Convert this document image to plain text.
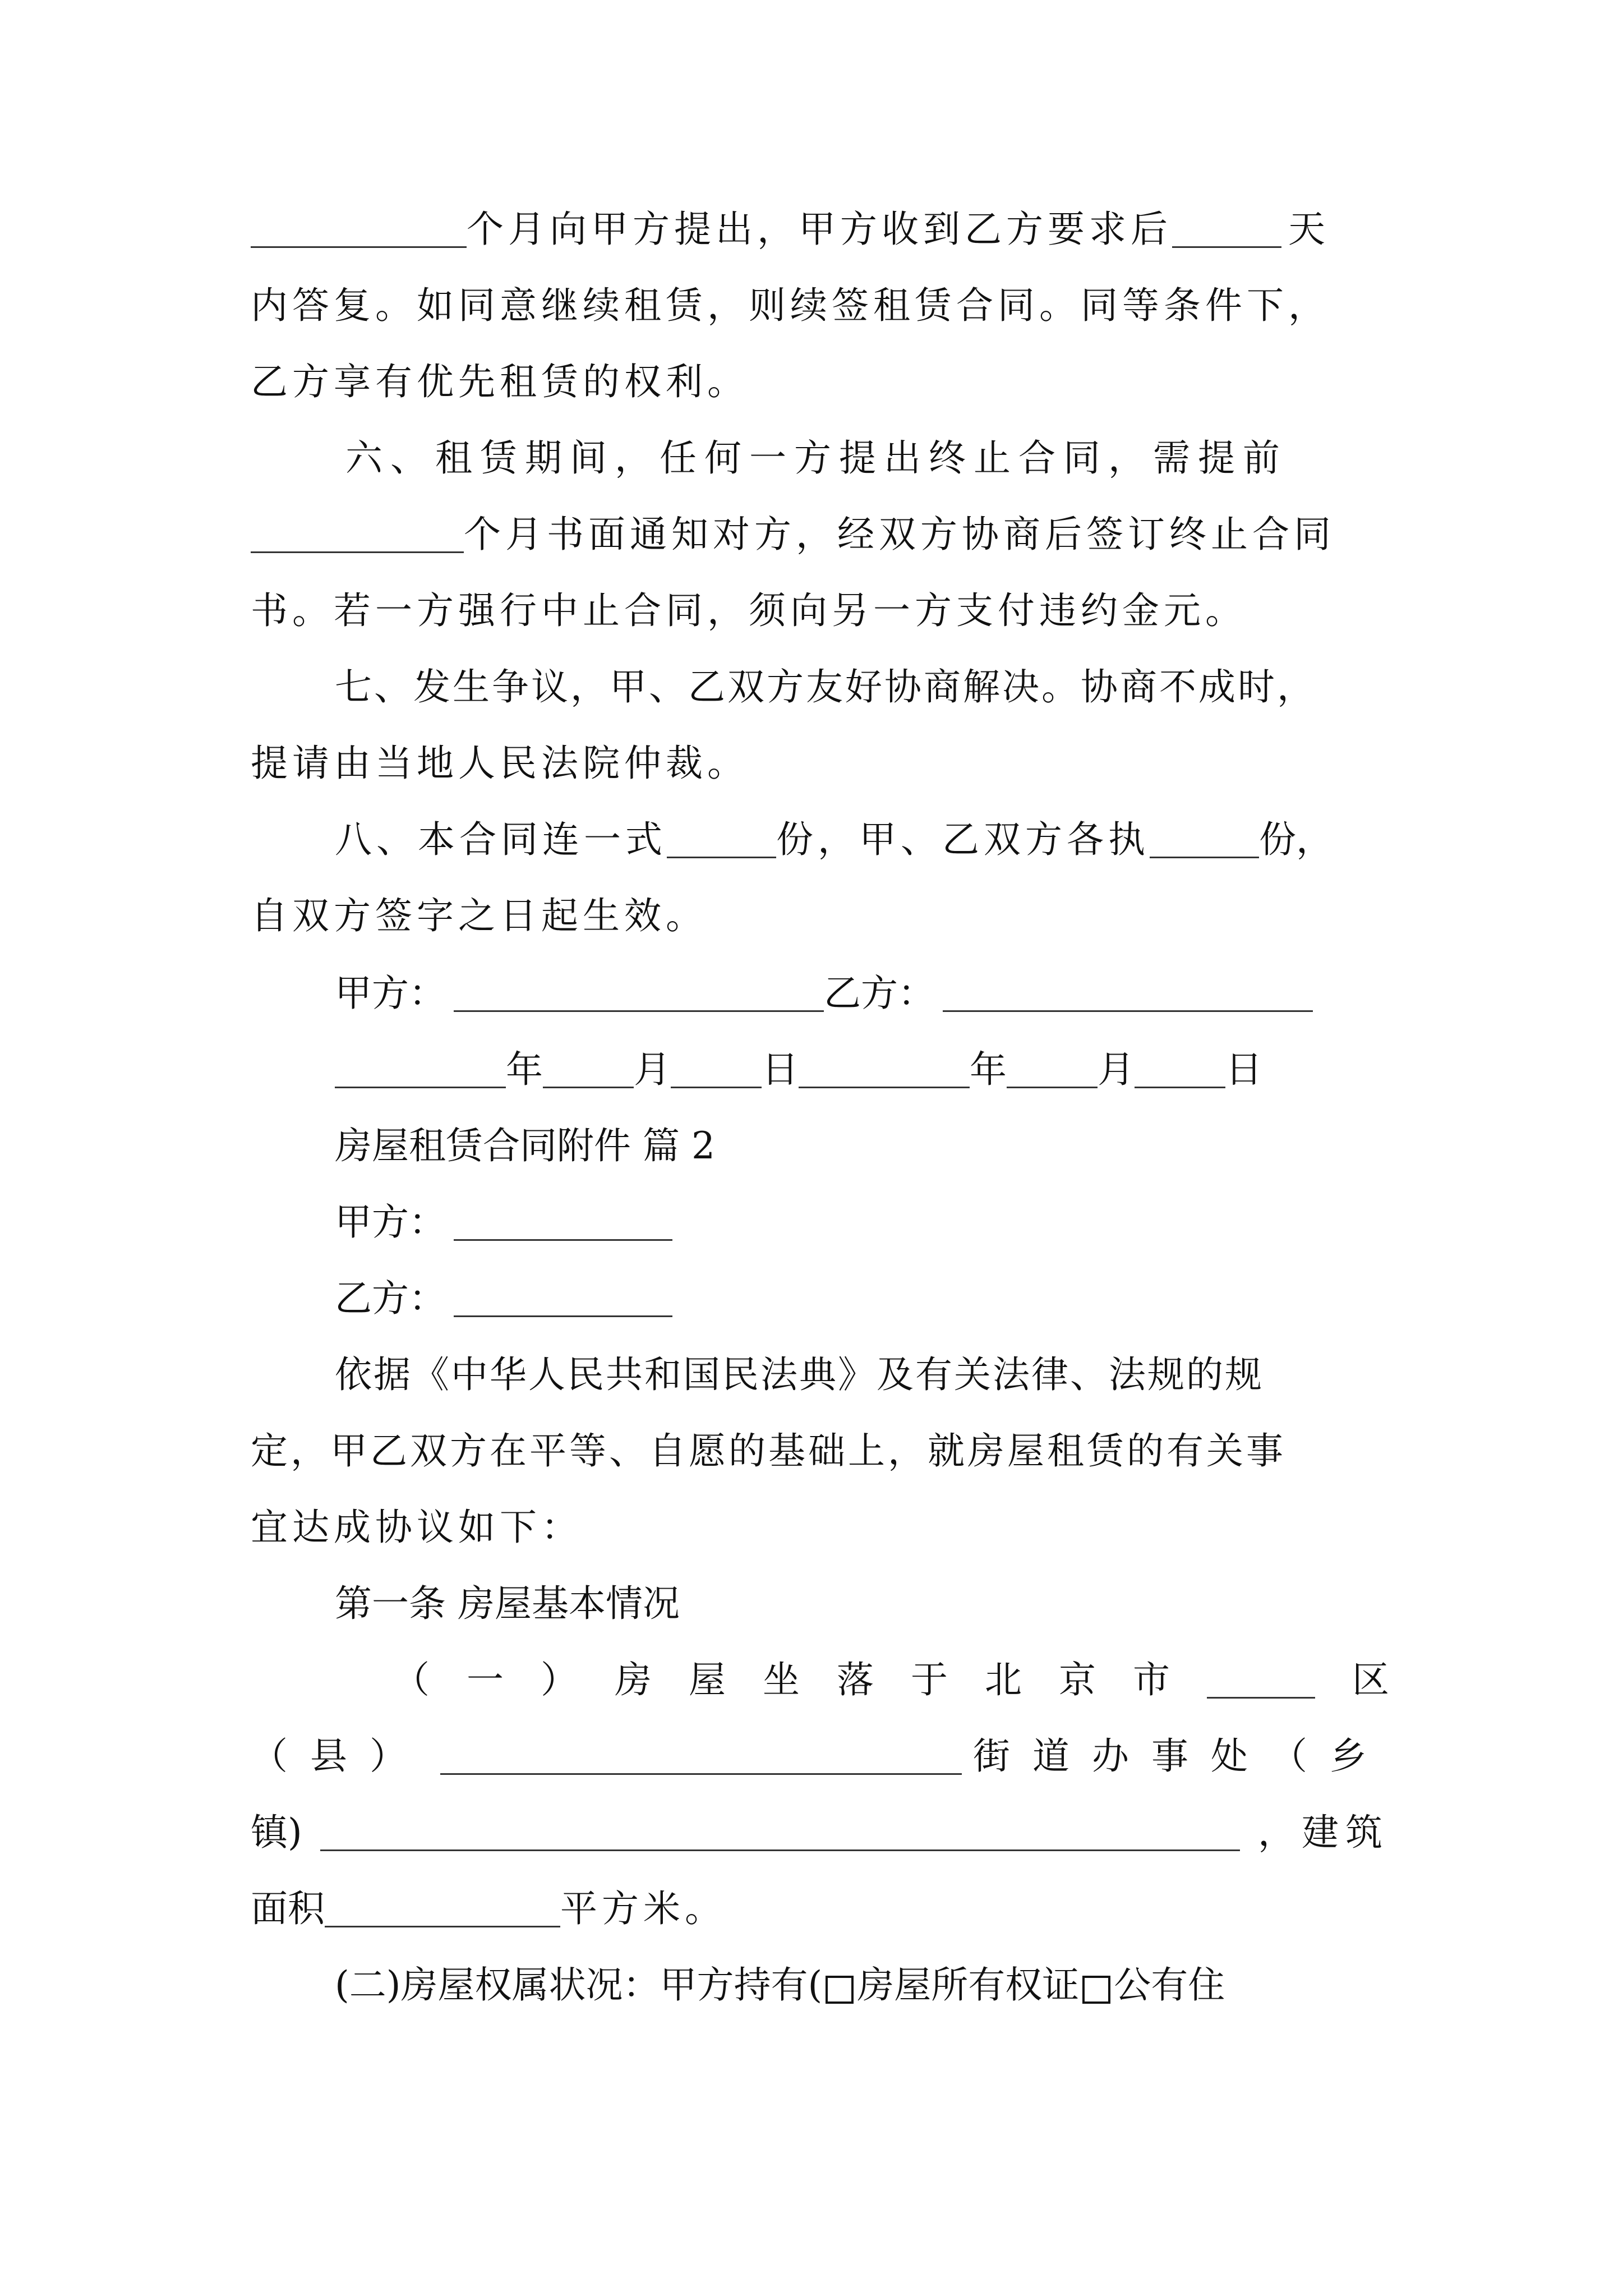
个月向甲方提出，甲方收到乙方要求后	天
内答复。如同意继续租赁，则续签租赁合同。同等条件下，
乙方享有优先租赁的权利。
六、租赁期间，任何一方提出终止合同，需提前
个月书面通知对方，经双方协商后签订终止合同
书。若一方强行中止合同，须向另一方支付违约金元。
七、发生争议，甲、乙双方友好协商解决。协商不成时，
提请由当地人民法院仲裁。
八、本合同连一式	份，甲、乙双方各执	份，
自双方签字之日起生效。
甲方：	乙方：
年 月 日	年 月 日
房屋租赁合同附件 篇 2
甲方：
乙方：
依据《中华人民共和国民法典》及有关法律、法规的规
定，甲乙双方在平等、自愿的基础上，就房屋租赁的有关事
宜达成协议如下：
第一条 房屋基本情况
（一）房屋坐落于北京市	区
（县）	街道办事处（乡
镇)	，建筑
面积	平方米。
(二)房屋权属状况：甲方持有( 房屋所有权证 公有住
